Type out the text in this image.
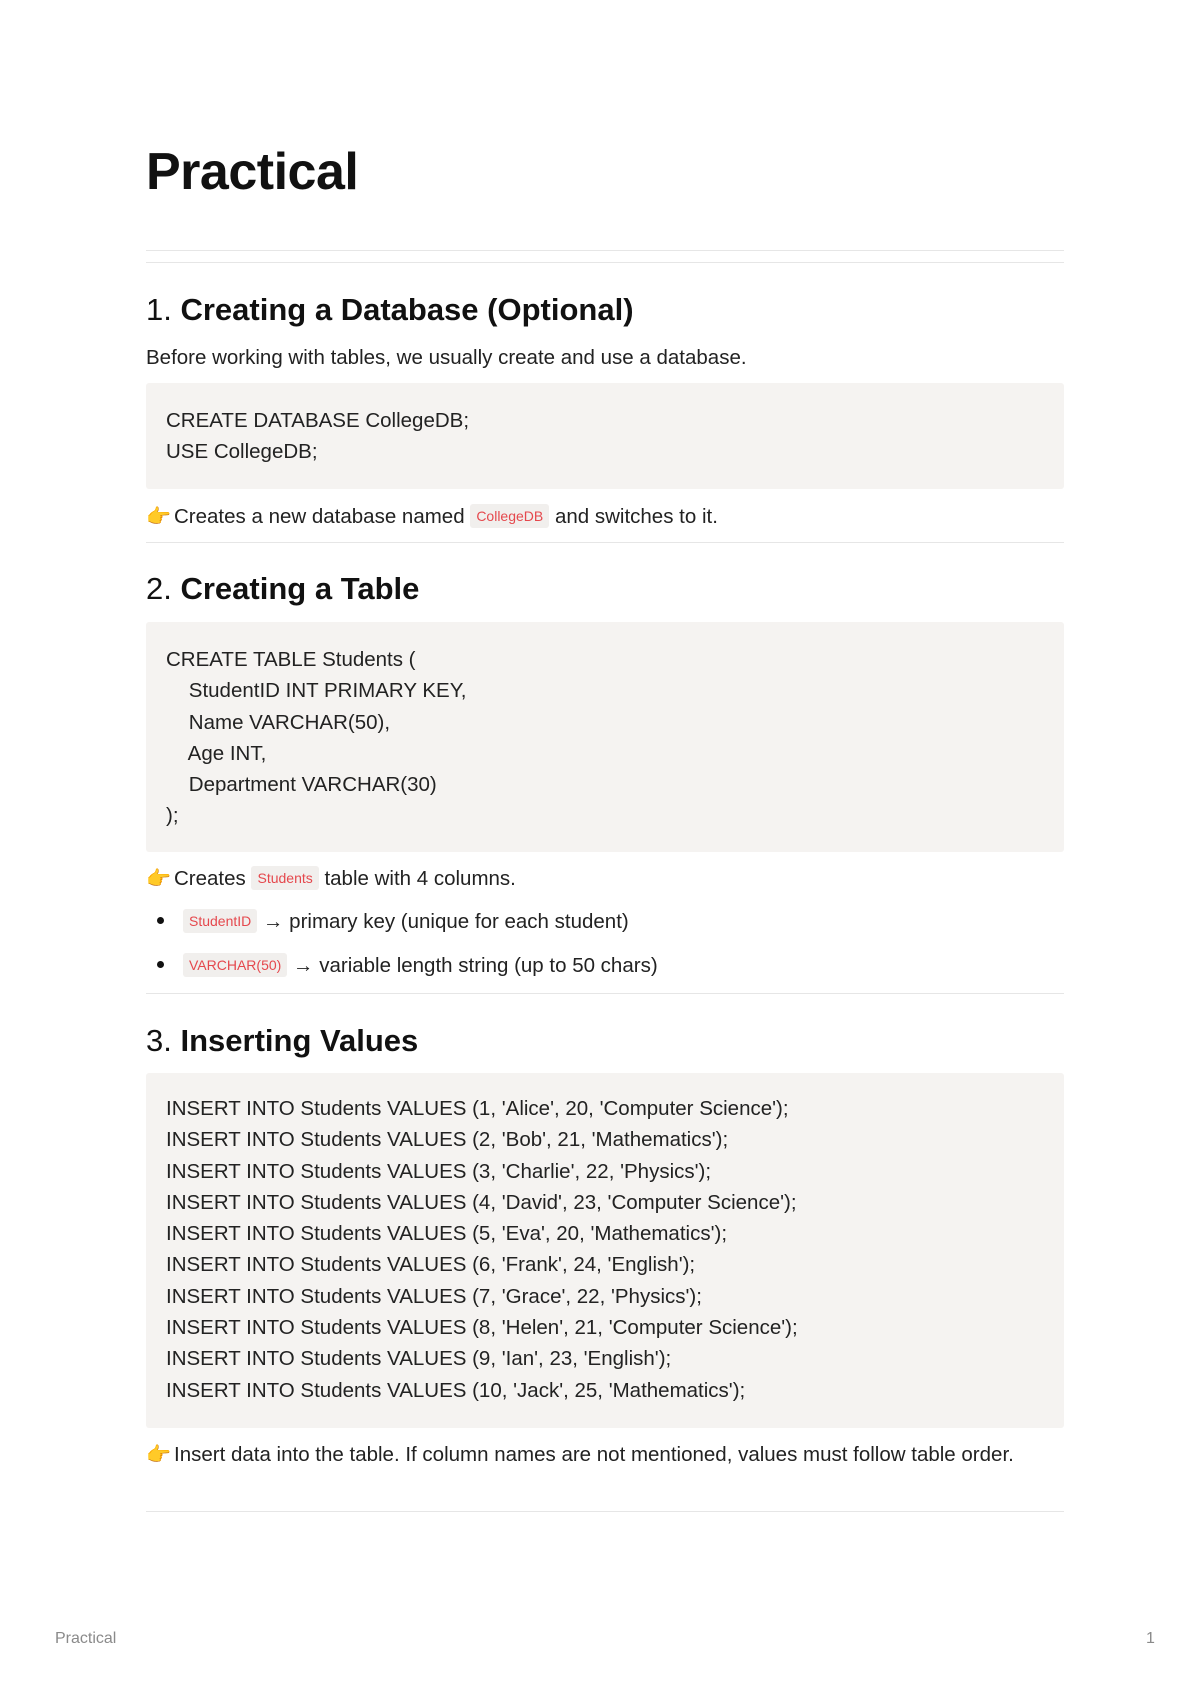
Practical
1. Creating a Database (Optional)
Before working with tables, we usually create and use a database.
CREATE DATABASE CollegeDB;
USE CollegeDB;
👉 Creates a new database named CollegeDB and switches to it.
2. Creating a Table
CREATE TABLE Students (
StudentID INT PRIMARY KEY,
Name VARCHAR(50),
Age INT,
Department VARCHAR(30)
);
👉 Creates Students table with 4 columns.
StudentID → primary key (unique for each student)
VARCHAR(50) → variable length string (up to 50 chars)
3. Inserting Values
INSERT INTO Students VALUES (1, 'Alice', 20, 'Computer Science');
INSERT INTO Students VALUES (2, 'Bob', 21, 'Mathematics');
INSERT INTO Students VALUES (3, 'Charlie', 22, 'Physics');
INSERT INTO Students VALUES (4, 'David', 23, 'Computer Science');
INSERT INTO Students VALUES (5, 'Eva', 20, 'Mathematics');
INSERT INTO Students VALUES (6, 'Frank', 24, 'English');
INSERT INTO Students VALUES (7, 'Grace', 22, 'Physics');
INSERT INTO Students VALUES (8, 'Helen', 21, 'Computer Science');
INSERT INTO Students VALUES (9, 'Ian', 23, 'English');
INSERT INTO Students VALUES (10, 'Jack', 25, 'Mathematics');
👉 Insert data into the table. If column names are not mentioned, values must follow table order.
Practical	1
